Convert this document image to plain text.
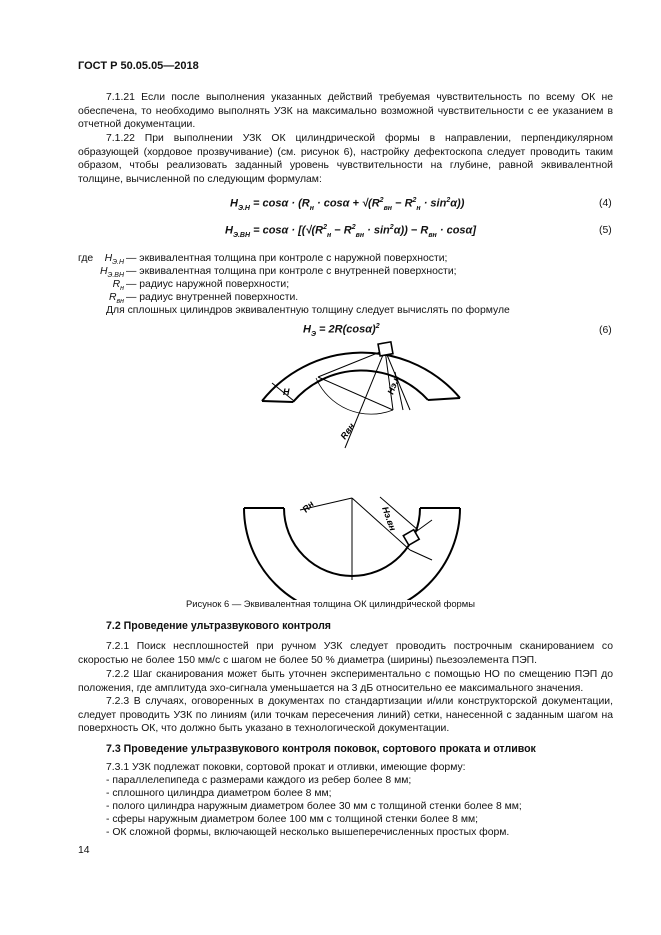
ГОСТ Р 50.05.05—2018
7.1.21 Если после выполнения указанных действий требуемая чувствительность по всему ОК не обеспечена, то необходимо выполнять УЗК на максимально возможной чувствительности с ее указанием в отчетной документации.
7.1.22 При выполнении УЗК ОК цилиндрической формы в направлении, перпендикулярном образующей (хордовое прозвучивание) (см. рисунок 6), настройку дефектоскопа следует проводить таким образом, чтобы реализовать заданный уровень чувствительности на глубине, равной эквивалентной толщине, вычисленной по следующим формулам:
$H_{Э.Н} = \cos\alpha \cdot (R_н \cdot \cos\alpha + √(R^2_{вн} - R^2_н \cdot \sin^2\alpha))$	(4)
$H_{Э.ВН} = \cos\alpha \cdot [(√(R^2_н - R^2_{вн} \cdot \sin^2\alpha)) - R_{вн} \cdot \cos\alpha]$	(5)
где	$H_{Э.Н}$ — эквивалентная толщина при контроле с наружной поверхности;
$H_{Э.ВН}$ — эквивалентная толщина при контроле с внутренней поверхности;
$R_н$ — радиус наружной поверхности;
$R_{вн}$ — радиус внутренней поверхности.
Для сплошных цилиндров эквивалентную толщину следует вычислять по формуле
$H_Э = 2R(\cos\alpha)^2$	(6)
H	Hэ.н
Rвн
Rн	Hэ.вн
Рисунок 6 — Эквивалентная толщина ОК цилиндрической формы
7.2 Проведение ультразвукового контроля
7.2.1 Поиск несплошностей при ручном УЗК следует проводить построчным сканированием со скоростью не более 150 мм/с с шагом не более 50 % диаметра (ширины) пьезоэлемента ПЭП.
7.2.2 Шаг сканирования может быть уточнен экспериментально с помощью НО по смещению ПЭП до положения, где амплитуда эхо-сигнала уменьшается на 3 дБ относительно ее максимального значения.
7.2.3 В случаях, оговоренных в документах по стандартизации и/или конструкторской документации, следует проводить УЗК по линиям (или точкам пересечения линий) сетки, нанесенной с заданным шагом на поверхность ОК, что должно быть указано в технологической документации.
7.3 Проведение ультразвукового контроля поковок, сортового проката и отливок
7.3.1 УЗК подлежат поковки, сортовой прокат и отливки, имеющие форму:
- параллелепипеда с размерами каждого из ребер более 8 мм;
- сплошного цилиндра диаметром более 8 мм;
- полого цилиндра наружным диаметром более 30 мм с толщиной стенки более 8 мм;
- сферы наружным диаметром более 100 мм с толщиной стенки более 8 мм;
- ОК сложной формы, включающей несколько вышеперечисленных простых форм.
14
